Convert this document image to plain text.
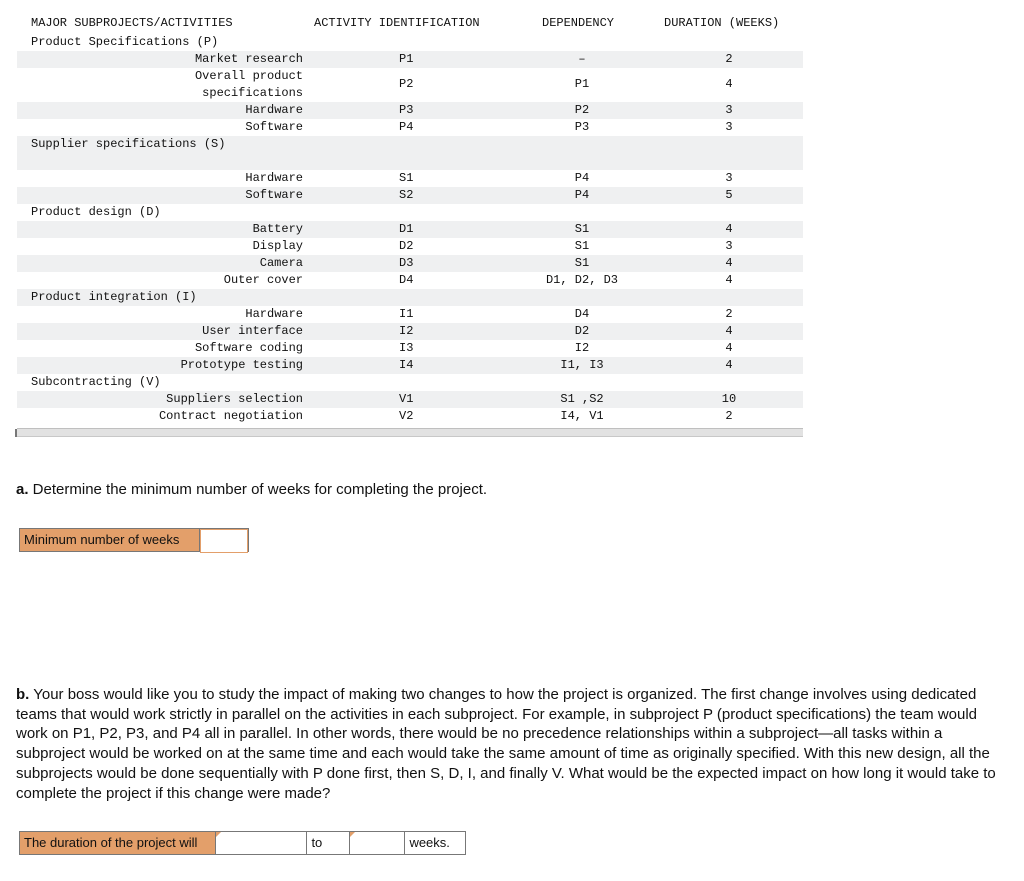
MAJOR SUBPROJECTS/ACTIVITIES	ACTIVITY IDENTIFICATION	DEPENDENCY	DURATION (WEEKS)
Product Specifications (P)
Market research	P1	–	2
Overall product
specifications
P2	P1	4
Hardware	P3	P2	3
Software	P4	P3	3
Supplier specifications (S)
Hardware	S1	P4	3
Software	S2	P4	5
Product design (D)
Battery	D1	S1	4
Display	D2	S1	3
Camera	D3	S1	4
Outer cover	D4	D1, D2, D3	4
Product integration (I)
Hardware	I1	D4	2
User interface	I2	D2	4
Software coding	I3	I2	4
Prototype testing	I4	I1, I3	4
Subcontracting (V)
Suppliers selection	V1	S1 ,S2	10
Contract negotiation	V2	I4, V1	2
a. Determine the minimum number of weeks for completing the project.
Minimum number of weeks
b. Your boss would like you to study the impact of making two changes to how the project is organized. The first change involves using dedicated teams that would work strictly in parallel on the activities in each subproject. For example, in subproject P (product specifications) the team would work on P1, P2, P3, and P4 all in parallel. In other words, there would be no precedence relationships within a subproject—all tasks within a subproject would be worked on at the same time and each would take the same amount of time as originally specified. With this new design, all the subprojects would be done sequentially with P done first, then S, D, I, and finally V. What would be the expected impact on how long it would take to complete the project if this change were made?
The duration of the project will	to	weeks.
